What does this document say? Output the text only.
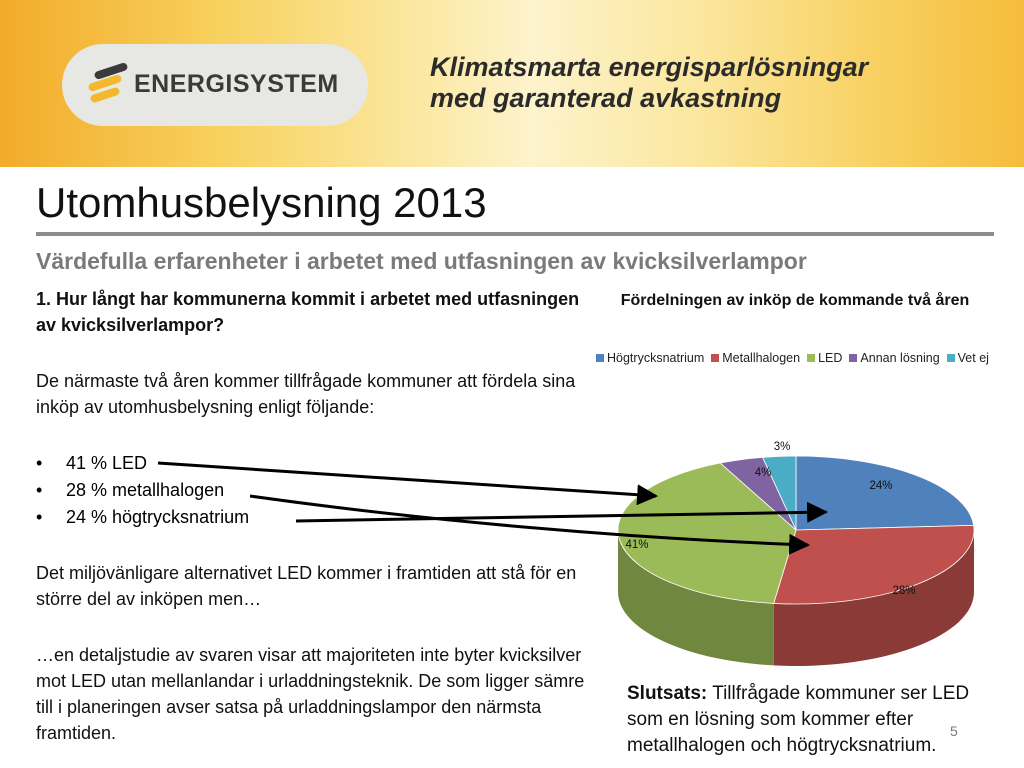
ENERGISYSTEM
Klimatsmarta energisparlösningar
med garanterad avkastning
Utomhusbelysning 2013
Värdefulla erfarenheter i arbetet med utfasningen av kvicksilverlampor
1. Hur långt har kommunerna kommit i arbetet med utfasningen av kvicksilverlampor?
De närmaste två åren kommer tillfrågade kommuner att fördela sina inköp av utomhusbelysning enligt följande:
• 41 % LED
• 28 % metallhalogen
• 24 % högtrycksnatrium
Det miljövänligare alternativet LED kommer i framtiden att stå för en större del av inköpen men…
…en detaljstudie av svaren visar att majoriteten inte byter kvicksilver mot LED utan mellanlandar i urladdningsteknik. De som ligger sämre till i planeringen avser satsa på urladdningslampor den närmsta framtiden.
Fördelningen av inköp de kommande två åren
Högtrycksnatrium Metallhalogen LED Annan lösning Vet ej
24%
28%
41%
4%
3%
Slutsats: Tillfrågade kommuner ser LED som en lösning som kommer efter metallhalogen och högtrycksnatrium.
5
